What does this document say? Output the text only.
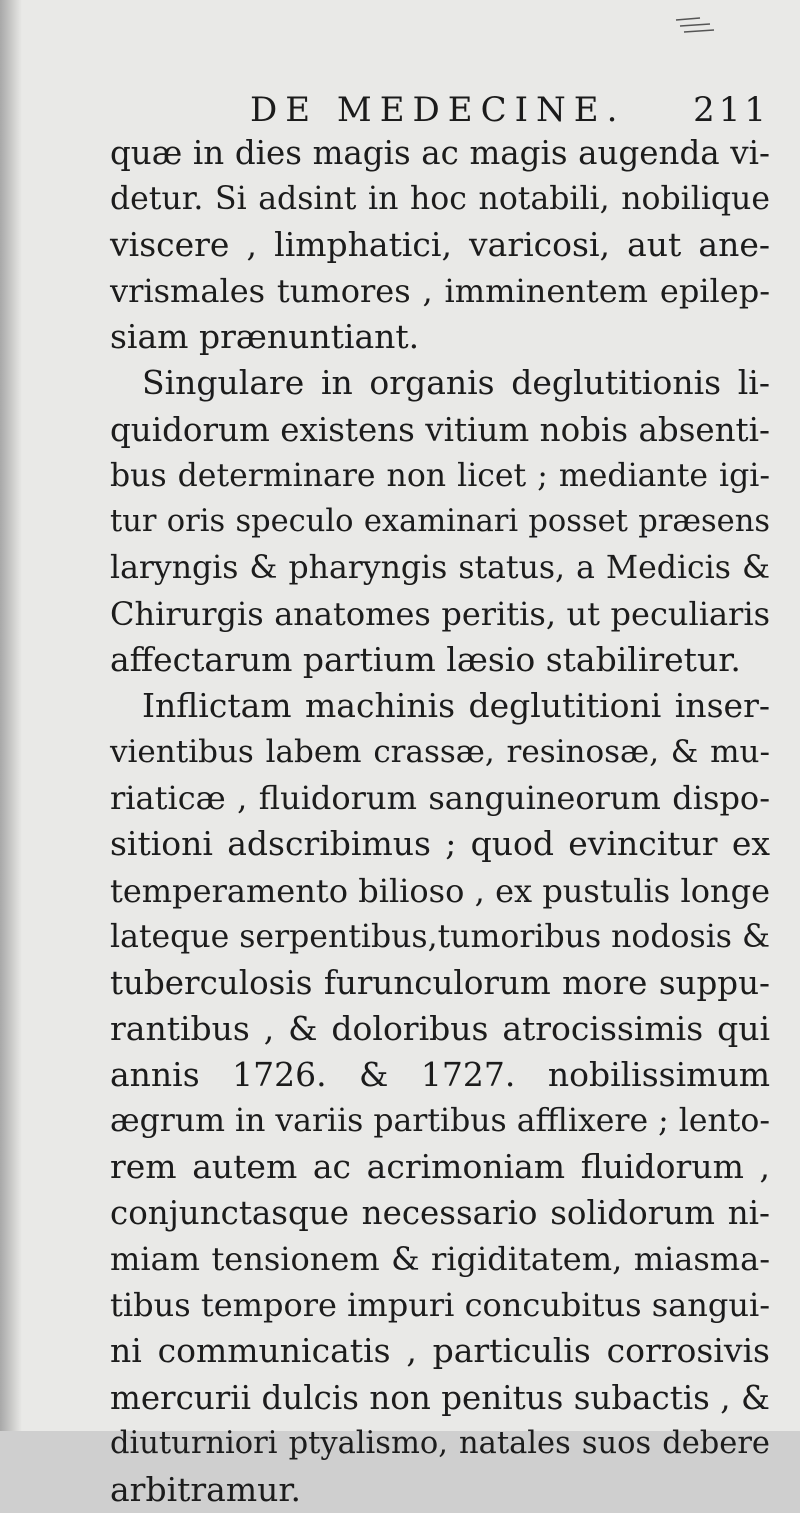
DE MEDECINE. 211
quæ in dies magis ac magis augenda vi-
detur. Si adsint in hoc notabili, nobilique
viscere , limphatici, varicosi, aut ane-
vrismales tumores , imminentem epilep-
siam prænuntiant.
Singulare in organis deglutitionis li-
quidorum existens vitium nobis absenti-
bus determinare non licet ; mediante igi-
tur oris speculo examinari posset præsens
laryngis & pharyngis status, a Medicis &
Chirurgis anatomes peritis, ut peculiaris
affectarum partium læsio stabiliretur.
Inflictam machinis deglutitioni inser-
vientibus labem crassæ, resinosæ, & mu-
riaticæ , fluidorum sanguineorum dispo-
sitioni adscribimus ; quod evincitur ex
temperamento bilioso , ex pustulis longe
lateque serpentibus,tumoribus nodosis &
tuberculosis furunculorum more suppu-
rantibus , & doloribus atrocissimis qui
annis 1726. & 1727. nobilissimum
ægrum in variis partibus afflixere ; lento-
rem autem ac acrimoniam fluidorum ,
conjunctasque necessario solidorum ni-
miam tensionem & rigiditatem, miasma-
tibus tempore impuri concubitus sangui-
ni communicatis , particulis corrosivis
mercurii dulcis non penitus subactis , &
diuturniori ptyalismo, natales suos debere
arbitramur.
